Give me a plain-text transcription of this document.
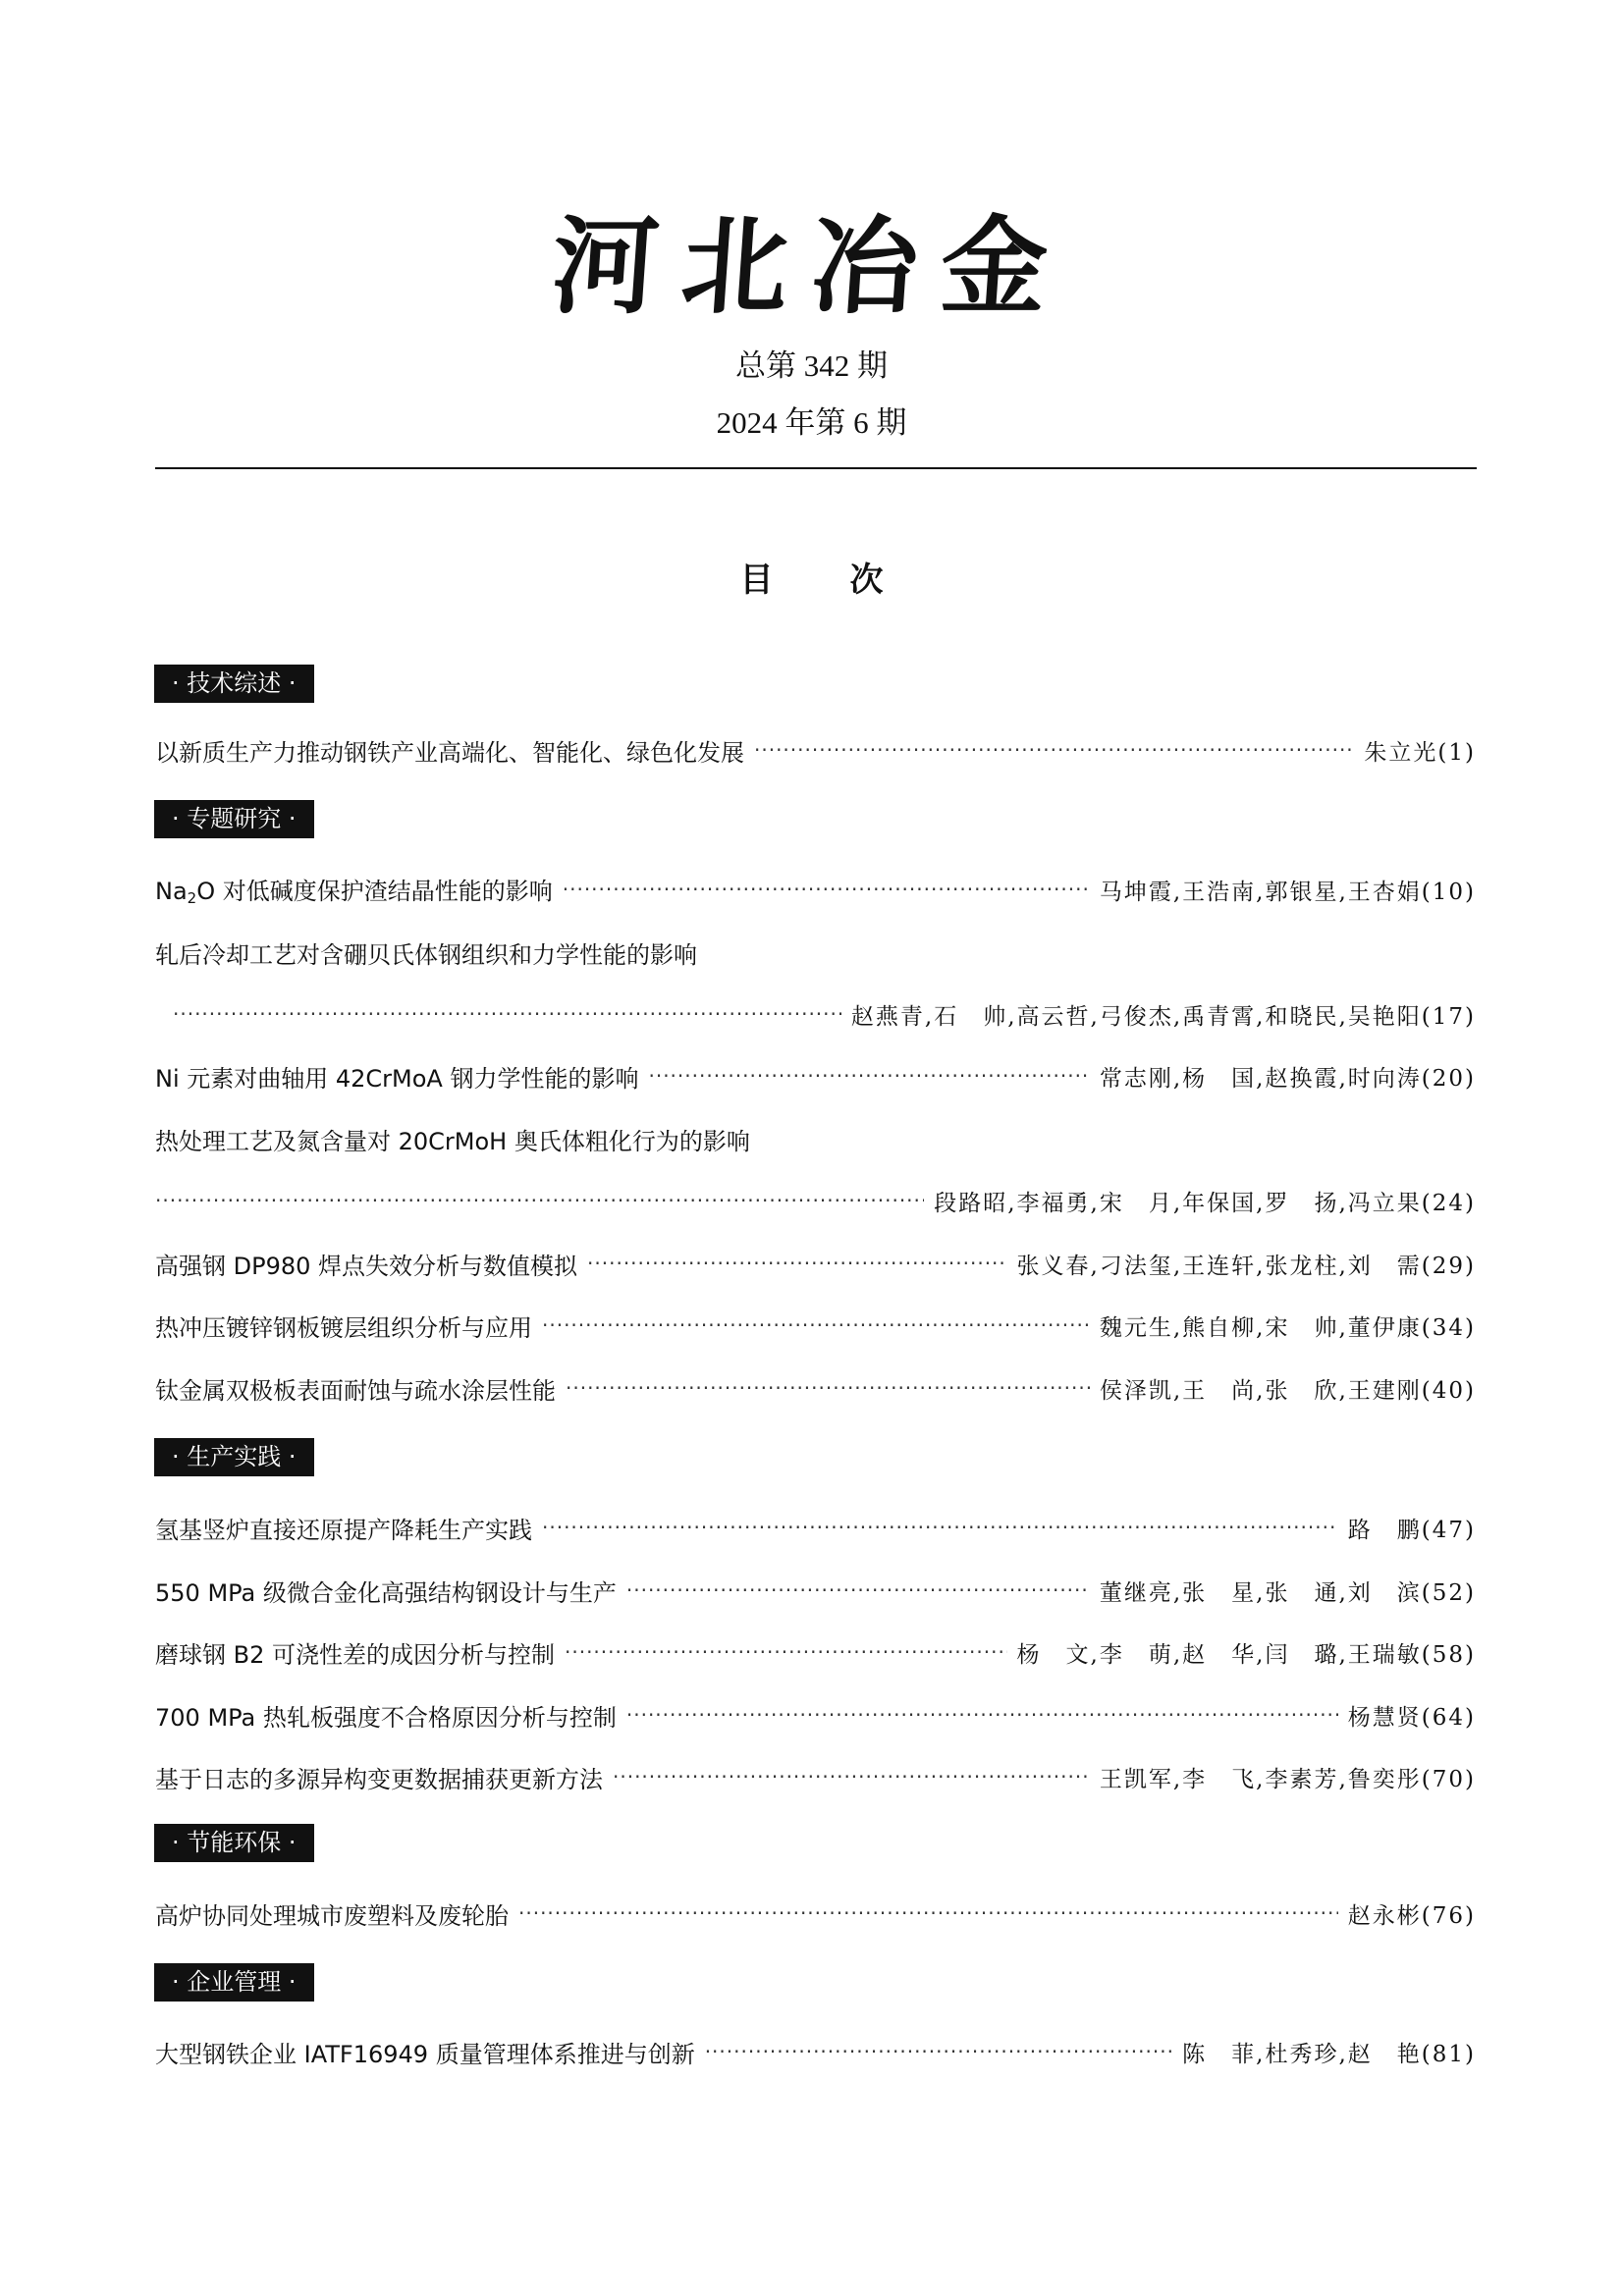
河北冶金
总第 342 期
2024 年第 6 期
目 次
· 技术综述 ·
以新质生产力推动钢铁产业高端化、智能化、绿色化发展 ·····	朱立光(1)
· 专题研究 ·
$Na_2O$ 对低碱度保护渣结晶性能的影响 ·····	马坤霞,王浩南,郭银星,王杏娟(10)
轧后冷却工艺对含硼贝氏体钢组织和力学性能的影响
·····
赵燕青,石　帅,高云哲,弓俊杰,禹青霄,和晓民,吴艳阳(17)
Ni 元素对曲轴用 42CrMoA 钢力学性能的影响 ·····	常志刚,杨　国,赵换霞,时向涛(20)
热处理工艺及氮含量对 20CrMoH 奥氏体粗化行为的影响
·····
段路昭,李福勇,宋　月,年保国,罗　扬,冯立果(24)
高强钢 DP980 焊点失效分析与数值模拟 ·····	张义春,刁法玺,王连轩,张龙柱,刘　需(29)
热冲压镀锌钢板镀层组织分析与应用 ·····	魏元生,熊自柳,宋　帅,董伊康(34)
钛金属双极板表面耐蚀与疏水涂层性能 ·····	侯泽凯,王　尚,张　欣,王建刚(40)
· 生产实践 ·
氢基竖炉直接还原提产降耗生产实践 ·····	路　鹏(47)
550 MPa 级微合金化高强结构钢设计与生产 ·····	董继亮,张　星,张　通,刘　滨(52)
磨球钢 B2 可浇性差的成因分析与控制 ·····	杨　文,李　萌,赵　华,闫　璐,王瑞敏(58)
700 MPa 热轧板强度不合格原因分析与控制 ·····	杨慧贤(64)
基于日志的多源异构变更数据捕获更新方法 ·····	王凯军,李　飞,李素芳,鲁奕彤(70)
· 节能环保 ·
高炉协同处理城市废塑料及废轮胎 ·····	赵永彬(76)
· 企业管理 ·
大型钢铁企业 IATF16949 质量管理体系推进与创新 ·····	陈　菲,杜秀珍,赵　艳(81)
